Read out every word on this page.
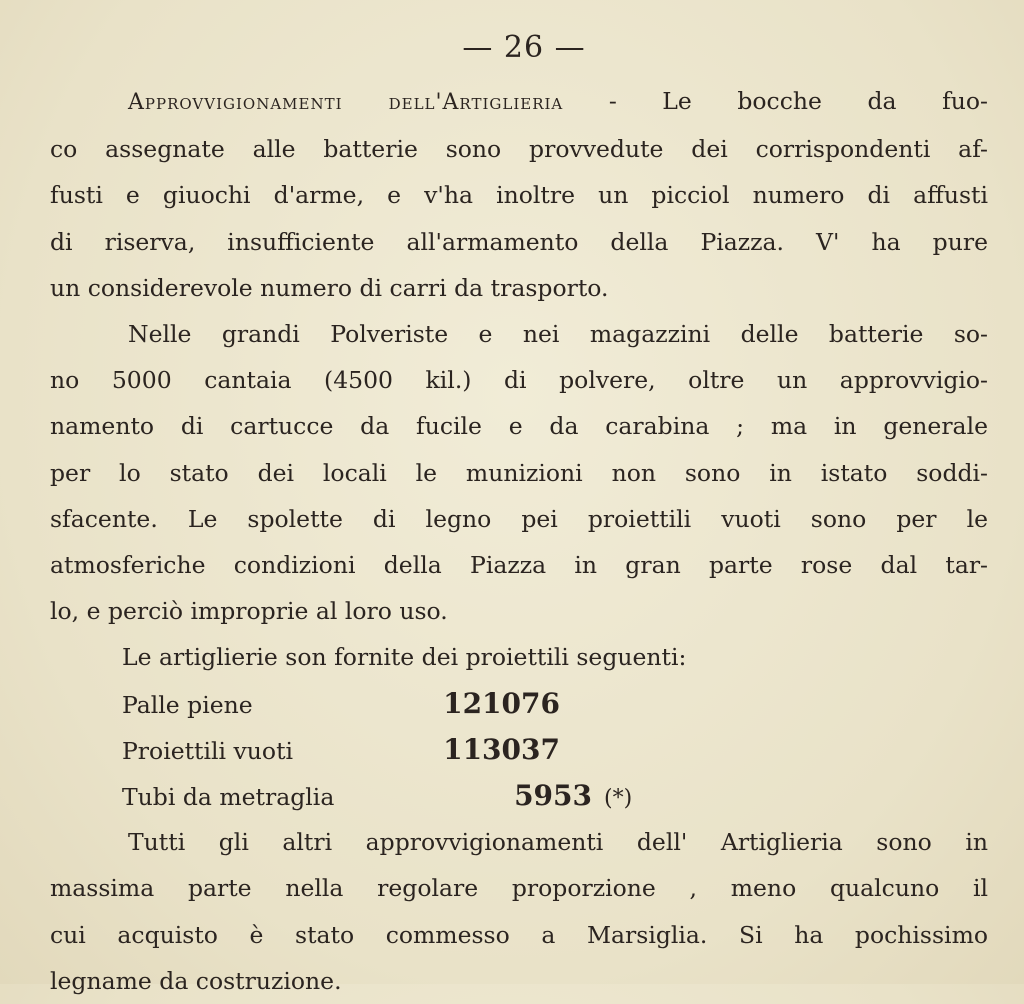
— 26 —
Approvvigionamenti dell'Artiglieria - Le bocche da fuo-
co assegnate alle batterie sono provvedute dei corrispondenti af-
fusti e giuochi d'arme, e v'ha inoltre un picciol numero di affusti
di riserva, insufficiente all'armamento della Piazza. V' ha pure
un considerevole numero di carri da trasporto.
Nelle grandi Polveriste e nei magazzini delle batterie so-
no 5000 cantaia (4500 kil.) di polvere, oltre un approvvigio-
namento di cartucce da fucile e da carabina ; ma in generale
per lo stato dei locali le munizioni non sono in istato soddi-
sfacente. Le spolette di legno pei proiettili vuoti sono per le
atmosferiche condizioni della Piazza in gran parte rose dal tar-
lo, e perciò improprie al loro uso.
Le artiglierie son fornite dei proiettili seguenti:
Palle piene	121076
Proiettili vuoti	113037
Tubi da metraglia	5953 (*)
Tutti gli altri approvvigionamenti dell' Artiglieria sono in
massima parte nella regolare proporzione , meno qualcuno il
cui acquisto è stato commesso a Marsiglia. Si ha pochissimo
legname da costruzione.
